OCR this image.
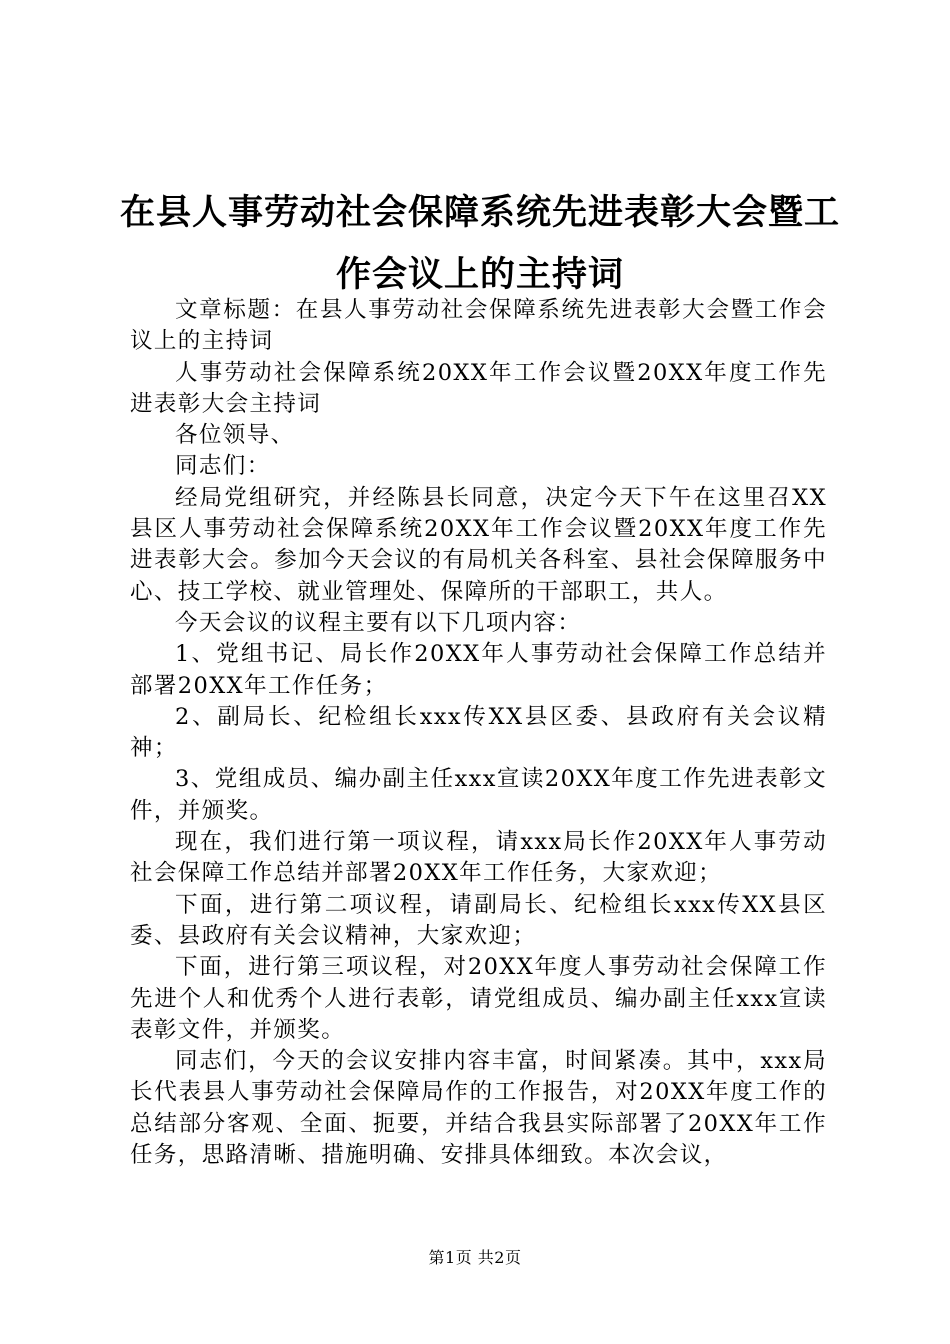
在县人事劳动社会保障系统先进表彰大会暨工
作会议上的主持词

文章标题：在县人事劳动社会保障系统先进表彰大会暨工作会议上的主持词

人事劳动社会保障系统20XX年工作会议暨20XX年度工作先进表彰大会主持词

各位领导、

同志们：

经局党组研究，并经陈县长同意，决定今天下午在这里召XX县区人事劳动社会保障系统20XX年工作会议暨20XX年度工作先进表彰大会。参加今天会议的有局机关各科室、县社会保障服务中心、技工学校、就业管理处、保障所的干部职工，共人。

今天会议的议程主要有以下几项内容：

1、党组书记、局长作20XX年人事劳动社会保障工作总结并部署20XX年工作任务；

2、副局长、纪检组长xxx传XX县区委、县政府有关会议精神；

3、党组成员、编办副主任xxx宣读20XX年度工作先进表彰文件，并颁奖。

现在，我们进行第一项议程，请xxx局长作20XX年人事劳动社会保障工作总结并部署20XX年工作任务，大家欢迎；

下面，进行第二项议程，请副局长、纪检组长xxx传XX县区委、县政府有关会议精神，大家欢迎；

下面，进行第三项议程，对20XX年度人事劳动社会保障工作先进个人和优秀个人进行表彰，请党组成员、编办副主任xxx宣读表彰文件，并颁奖。

同志们，今天的会议安排内容丰富，时间紧凑。其中，xxx局长代表县人事劳动社会保障局作的工作报告，对20XX年度工作的总结部分客观、全面、扼要，并结合我县实际部署了20XX年工作任务，思路清晰、措施明确、安排具体细致。本次会议，

第1页 共2页
